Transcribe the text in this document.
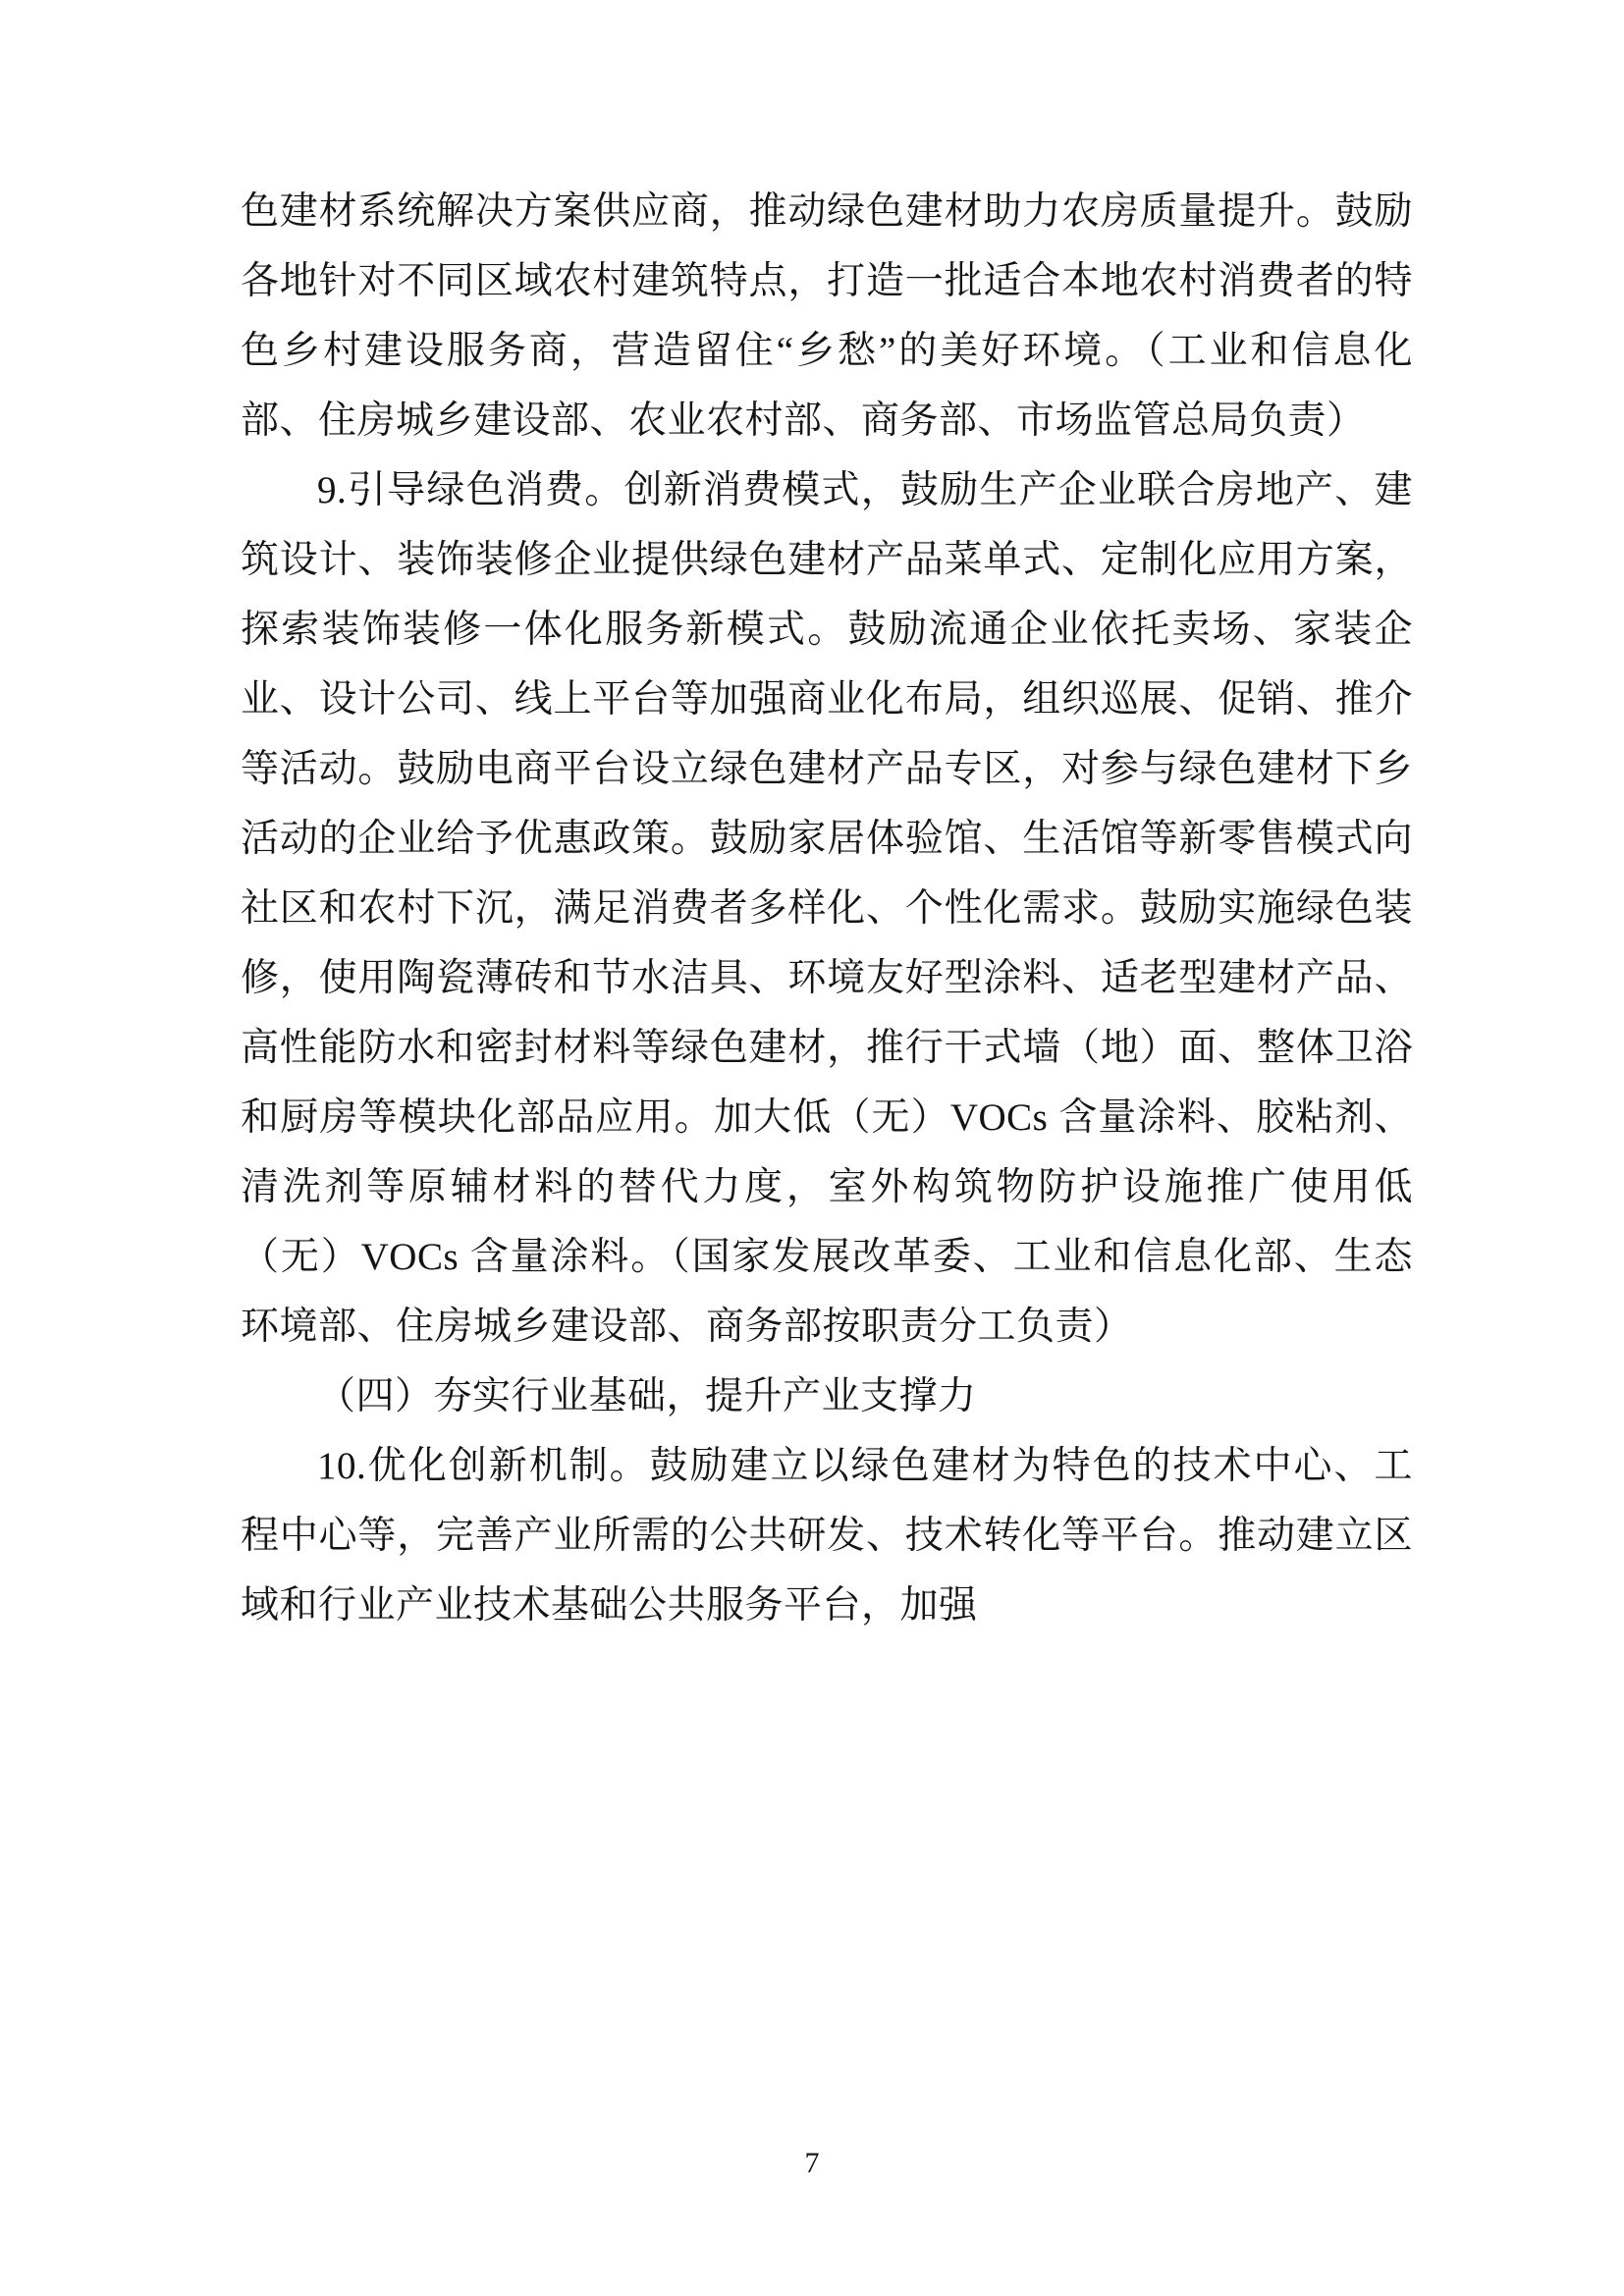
色建材系统解决方案供应商，推动绿色建材助力农房质量提升。鼓励各地针对不同区域农村建筑特点，打造一批适合本地农村消费者的特色乡村建设服务商，营造留住“乡愁”的美好环境。（工业和信息化部、住房城乡建设部、农业农村部、商务部、市场监管总局负责）

9.引导绿色消费。创新消费模式，鼓励生产企业联合房地产、建筑设计、装饰装修企业提供绿色建材产品菜单式、定制化应用方案，探索装饰装修一体化服务新模式。鼓励流通企业依托卖场、家装企业、设计公司、线上平台等加强商业化布局，组织巡展、促销、推介等活动。鼓励电商平台设立绿色建材产品专区，对参与绿色建材下乡活动的企业给予优惠政策。鼓励家居体验馆、生活馆等新零售模式向社区和农村下沉，满足消费者多样化、个性化需求。鼓励实施绿色装修，使用陶瓷薄砖和节水洁具、环境友好型涂料、适老型建材产品、高性能防水和密封材料等绿色建材，推行干式墙（地）面、整体卫浴和厨房等模块化部品应用。加大低（无）VOCs 含量涂料、胶粘剂、清洗剂等原辅材料的替代力度，室外构筑物防护设施推广使用低（无）VOCs 含量涂料。（国家发展改革委、工业和信息化部、生态环境部、住房城乡建设部、商务部按职责分工负责）

（四）夯实行业基础，提升产业支撑力

10.优化创新机制。鼓励建立以绿色建材为特色的技术中心、工程中心等，完善产业所需的公共研发、技术转化等平台。推动建立区域和行业产业技术基础公共服务平台，加强

7
